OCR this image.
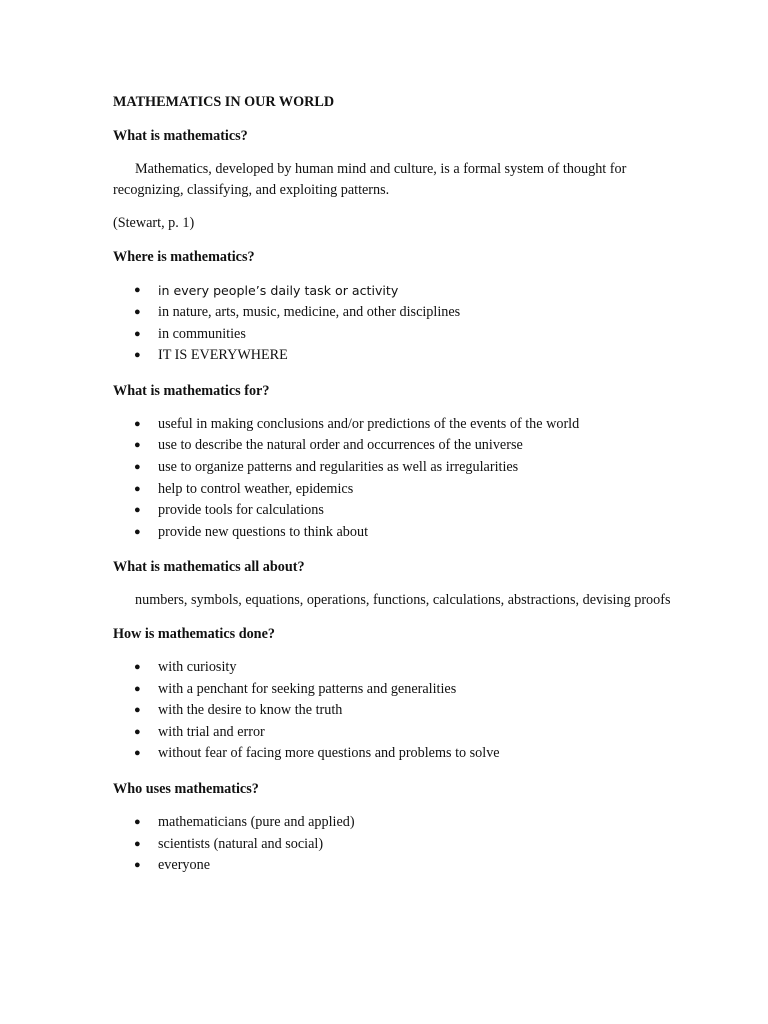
MATHEMATICS IN OUR WORLD
What is mathematics?

Mathematics, developed by human mind and culture, is a formal system of thought for recognizing, classifying, and exploiting patterns.

(Stewart, p. 1)

Where is mathematics?
● in every people’s daily task or activity
● in nature, arts, music, medicine, and other disciplines
● in communities
● IT IS EVERYWHERE
What is mathematics for?
● useful in making conclusions and/or predictions of the events of the world
● use to describe the natural order and occurrences of the universe
● use to organize patterns and regularities as well as irregularities
● help to control weather, epidemics
● provide tools for calculations
● provide new questions to think about
What is mathematics all about?

numbers, symbols, equations, operations, functions, calculations, abstractions, devising proofs

How is mathematics done?
● with curiosity
● with a penchant for seeking patterns and generalities
● with the desire to know the truth
● with trial and error
● without fear of facing more questions and problems to solve
Who uses mathematics?
● mathematicians (pure and applied)
● scientists (natural and social)
● everyone
